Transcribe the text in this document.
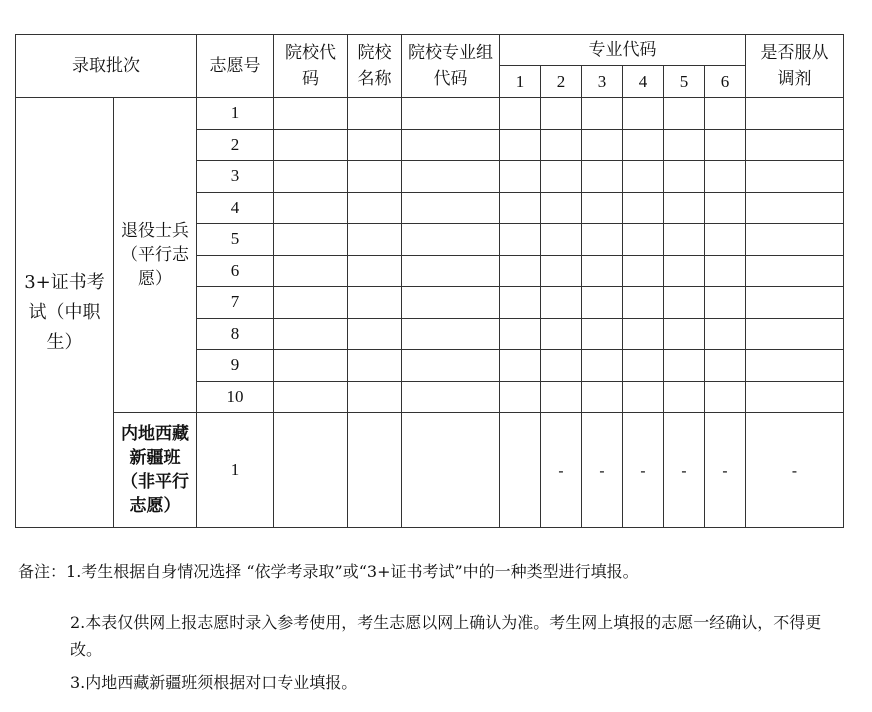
录取批次		志愿号	院校代码	院校名称	院校专业组代码	专业代码						是否服从调剂
						1	2	3	4	5	6	
3+证书考试（中职生）	退役士兵（平行志愿）	1										
		2										
		3										
		4										
		5										
		6										
		7										
		8										
		9										
		10										
	内地西藏新疆班（非平行志愿）	1					-	-	-	-	-	-
备注：1.考生根据自身情况选择 “依学考录取”或“3+证书考试”中的一种类型进行填报。
2.本表仅供网上报志愿时录入参考使用，考生志愿以网上确认为准。考生网上填报的志愿一经确认，不得更改。
3.内地西藏新疆班须根据对口专业填报。
